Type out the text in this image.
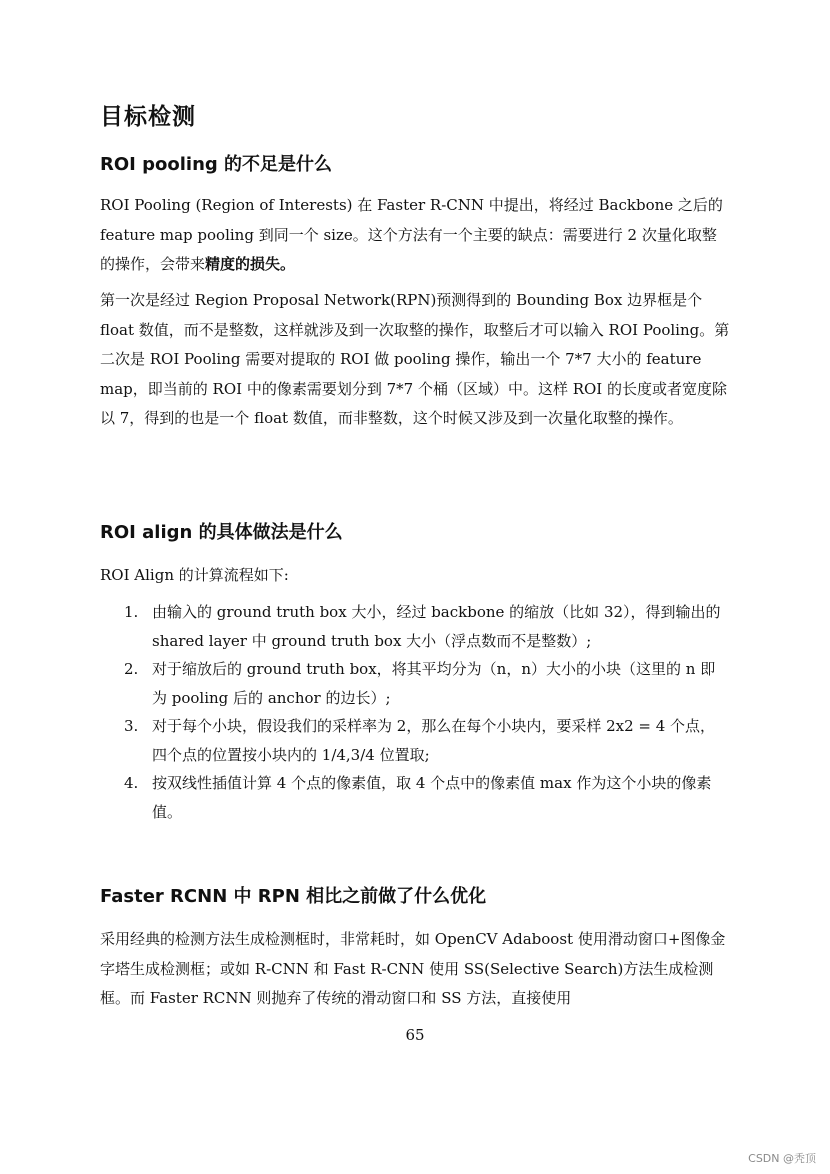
目标检测
ROI pooling 的不足是什么

ROI Pooling (Region of Interests) 在 Faster R-CNN 中提出，将经过 Backbone 之后的 feature map pooling 到同一个 size。这个方法有一个主要的缺点：需要进行 2 次量化取整的操作，会带来精度的损失。

第一次是经过 Region Proposal Network(RPN)预测得到的 Bounding Box 边界框是个 float 数值，而不是整数，这样就涉及到一次取整的操作，取整后才可以输入 ROI Pooling。第二次是 ROI Pooling 需要对提取的 ROI 做 pooling 操作，输出一个 7*7 大小的 feature map，即当前的 ROI 中的像素需要划分到 7*7 个桶（区域）中。这样 ROI 的长度或者宽度除以 7，得到的也是一个 float 数值，而非整数，这个时候又涉及到一次量化取整的操作。

ROI align 的具体做法是什么

ROI Align 的计算流程如下:

1. 由输入的 ground truth box 大小，经过 backbone 的缩放（比如 32），得到输出的 shared layer 中 ground truth box 大小（浮点数而不是整数）;
2. 对于缩放后的 ground truth box，将其平均分为（n，n）大小的小块（这里的 n 即为 pooling 后的 anchor 的边长）;
3. 对于每个小块，假设我们的采样率为 2，那么在每个小块内，要采样 2x2 = 4 个点，四个点的位置按小块内的 1/4,3/4 位置取;
4. 按双线性插值计算 4 个点的像素值，取 4 个点中的像素值 max 作为这个小块的像素值。
Faster RCNN 中 RPN 相比之前做了什么优化

采用经典的检测方法生成检测框时，非常耗时，如 OpenCV Adaboost 使用滑动窗口+图像金字塔生成检测框；或如 R-CNN 和 Fast R-CNN 使用 SS(Selective Search)方法生成检测框。而 Faster RCNN 则抛弃了传统的滑动窗口和 SS 方法，直接使用

65
CSDN @秃顶
